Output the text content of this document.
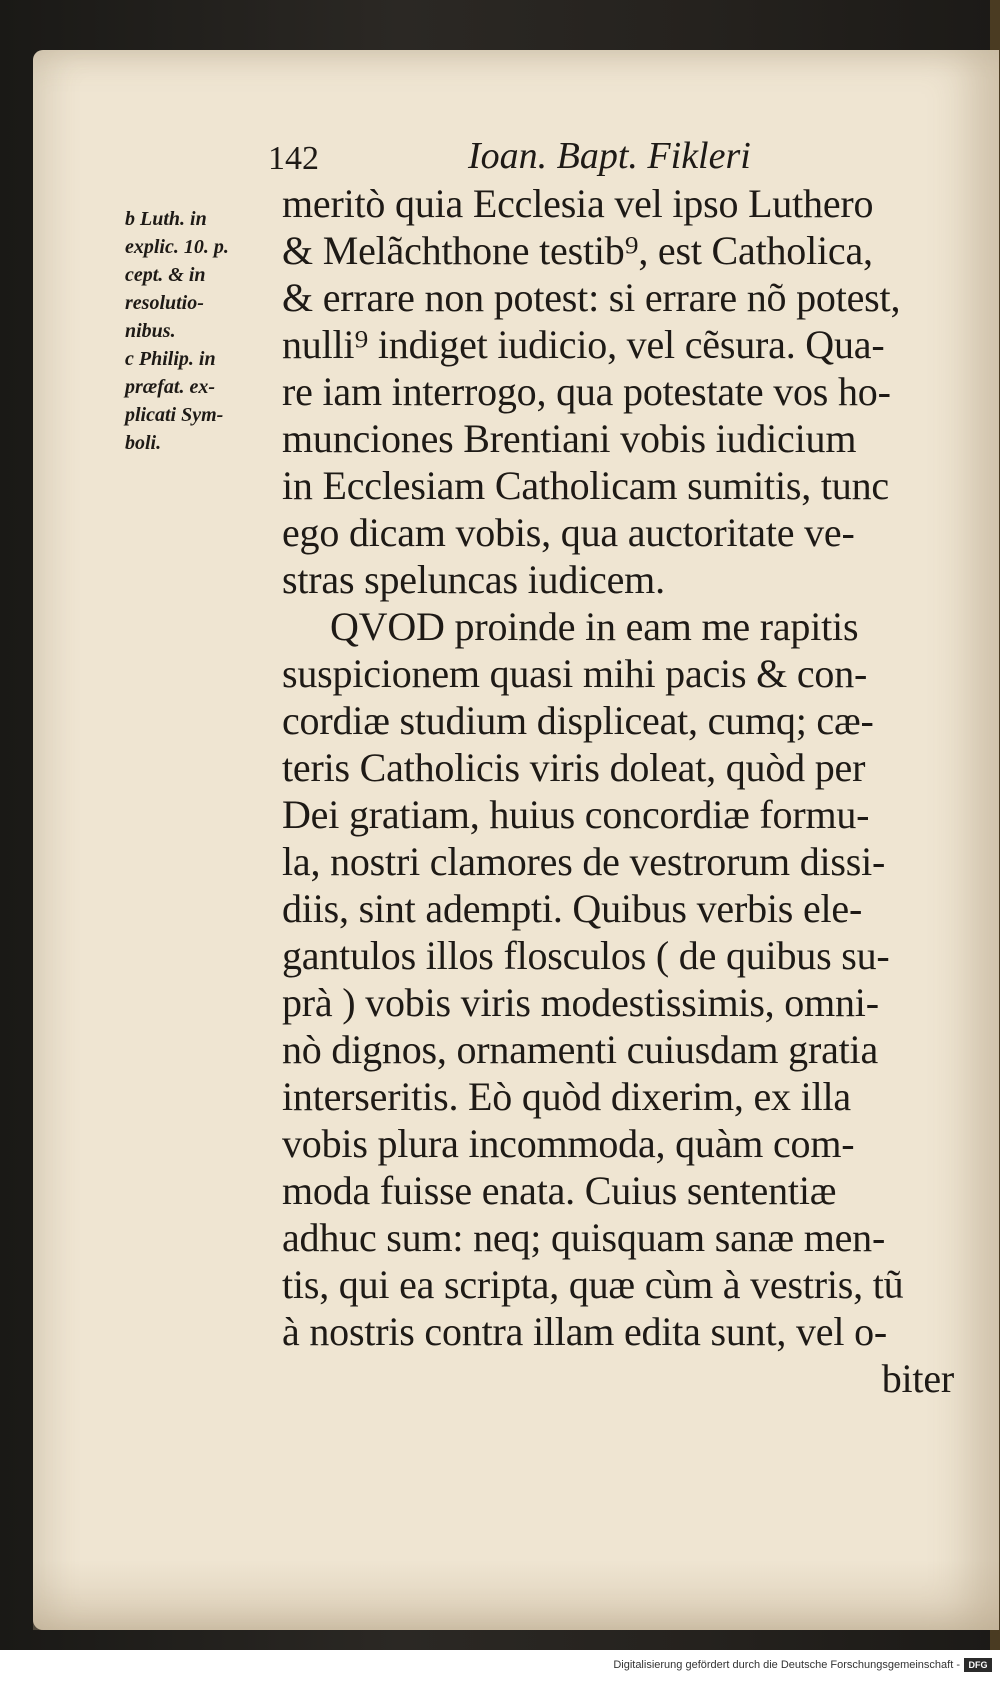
142	Ioan. Bapt. Fikleri
b Luth. in
explic. 10. p.
cept. & in
resolutio-
nibus.
c Philip. in
præfat. ex-
plicati Sym-
boli.
meritò quia Ecclesia vel ipso Luthero
& Melãchthone testib⁹, est Catholica,
& errare non potest: si errare nõ potest,
nulli⁹ indiget iudicio, vel cẽsura. Qua-
re iam interrogo, qua potestate vos ho-
munciones Brentiani vobis iudicium
in Ecclesiam Catholicam sumitis, tunc
ego dicam vobis, qua auctoritate ve-
stras speluncas iudicem.
QVOD proinde in eam me rapitis
suspicionem quasi mihi pacis & con-
cordiæ studium displiceat, cumq; cæ-
teris Catholicis viris doleat, quòd per
Dei gratiam, huius concordiæ formu-
la, nostri clamores de vestrorum dissi-
diis, sint adempti. Quibus verbis ele-
gantulos illos flosculos ( de quibus su-
prà ) vobis viris modestissimis, omni-
nò dignos, ornamenti cuiusdam gratia
interseritis. Eò quòd dixerim, ex illa
vobis plura incommoda, quàm com-
moda fuisse enata. Cuius sententiæ
adhuc sum: neq; quisquam sanæ men-
tis, qui ea scripta, quæ cùm à vestris, tũ
à nostris contra illam edita sunt, vel o-
biter
Digitalisierung gefördert durch die Deutsche Forschungsgemeinschaft - DFG
